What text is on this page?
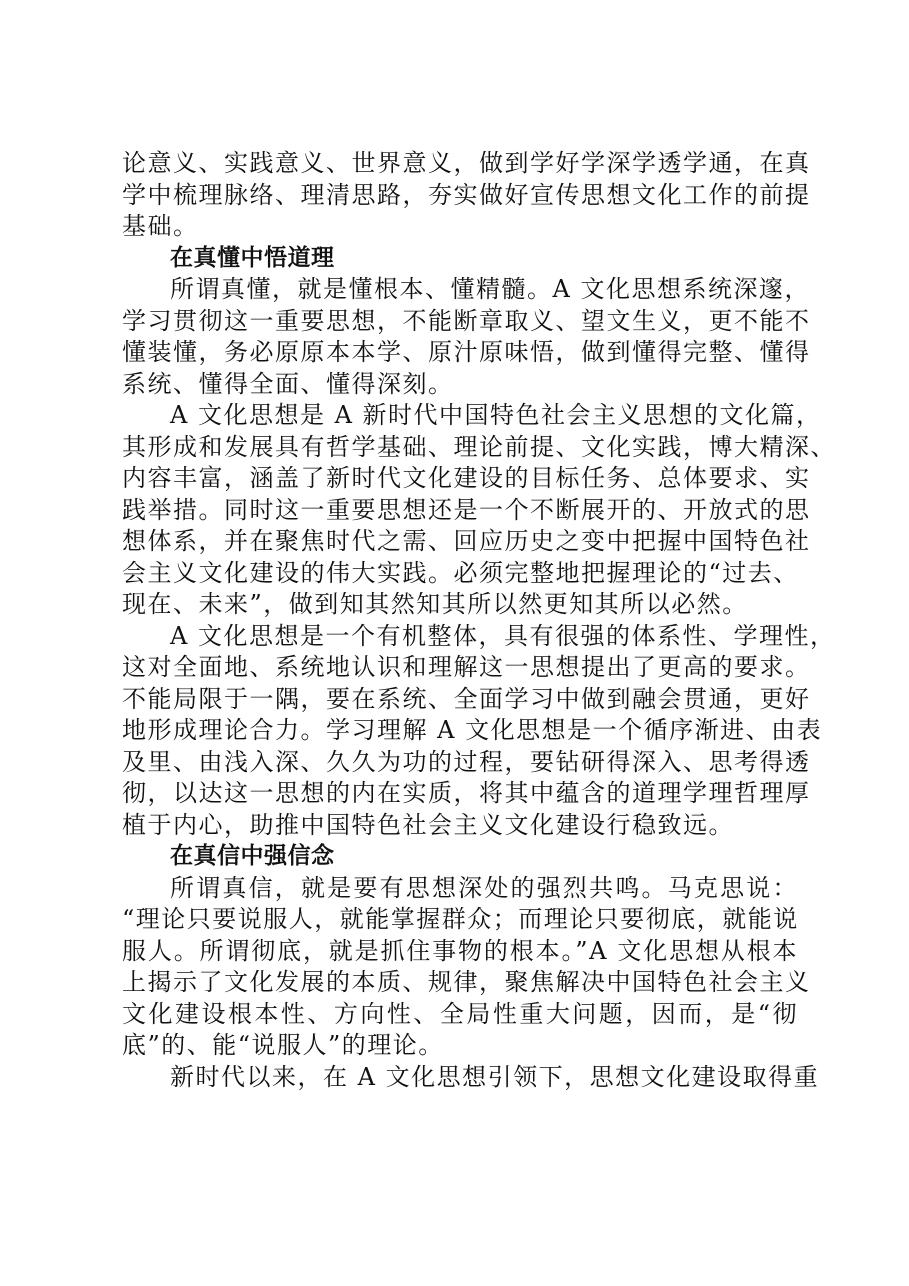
论意义、实践意义、世界意义，做到学好学深学透学通，在真
学中梳理脉络、理清思路，夯实做好宣传思想文化工作的前提
基础。
在真懂中悟道理
所谓真懂，就是懂根本、懂精髓。A 文化思想系统深邃，
学习贯彻这一重要思想，不能断章取义、望文生义，更不能不
懂装懂，务必原原本本学、原汁原味悟，做到懂得完整、懂得
系统、懂得全面、懂得深刻。
A 文化思想是 A 新时代中国特色社会主义思想的文化篇，
其形成和发展具有哲学基础、理论前提、文化实践，博大精深、
内容丰富，涵盖了新时代文化建设的目标任务、总体要求、实
践举措。同时这一重要思想还是一个不断展开的、开放式的思
想体系，并在聚焦时代之需、回应历史之变中把握中国特色社
会主义文化建设的伟大实践。必须完整地把握理论的“过去、
现在、未来”，做到知其然知其所以然更知其所以必然。
A 文化思想是一个有机整体，具有很强的体系性、学理性，
这对全面地、系统地认识和理解这一思想提出了更高的要求。
不能局限于一隅，要在系统、全面学习中做到融会贯通，更好
地形成理论合力。学习理解 A 文化思想是一个循序渐进、由表
及里、由浅入深、久久为功的过程，要钻研得深入、思考得透
彻，以达这一思想的内在实质，将其中蕴含的道理学理哲理厚
植于内心，助推中国特色社会主义文化建设行稳致远。
在真信中强信念
所谓真信，就是要有思想深处的强烈共鸣。马克思说：
“理论只要说服人，就能掌握群众；而理论只要彻底，就能说
服人。所谓彻底，就是抓住事物的根本。”A 文化思想从根本
上揭示了文化发展的本质、规律，聚焦解决中国特色社会主义
文化建设根本性、方向性、全局性重大问题，因而，是“彻
底”的、能“说服人”的理论。
新时代以来，在 A 文化思想引领下，思想文化建设取得重
